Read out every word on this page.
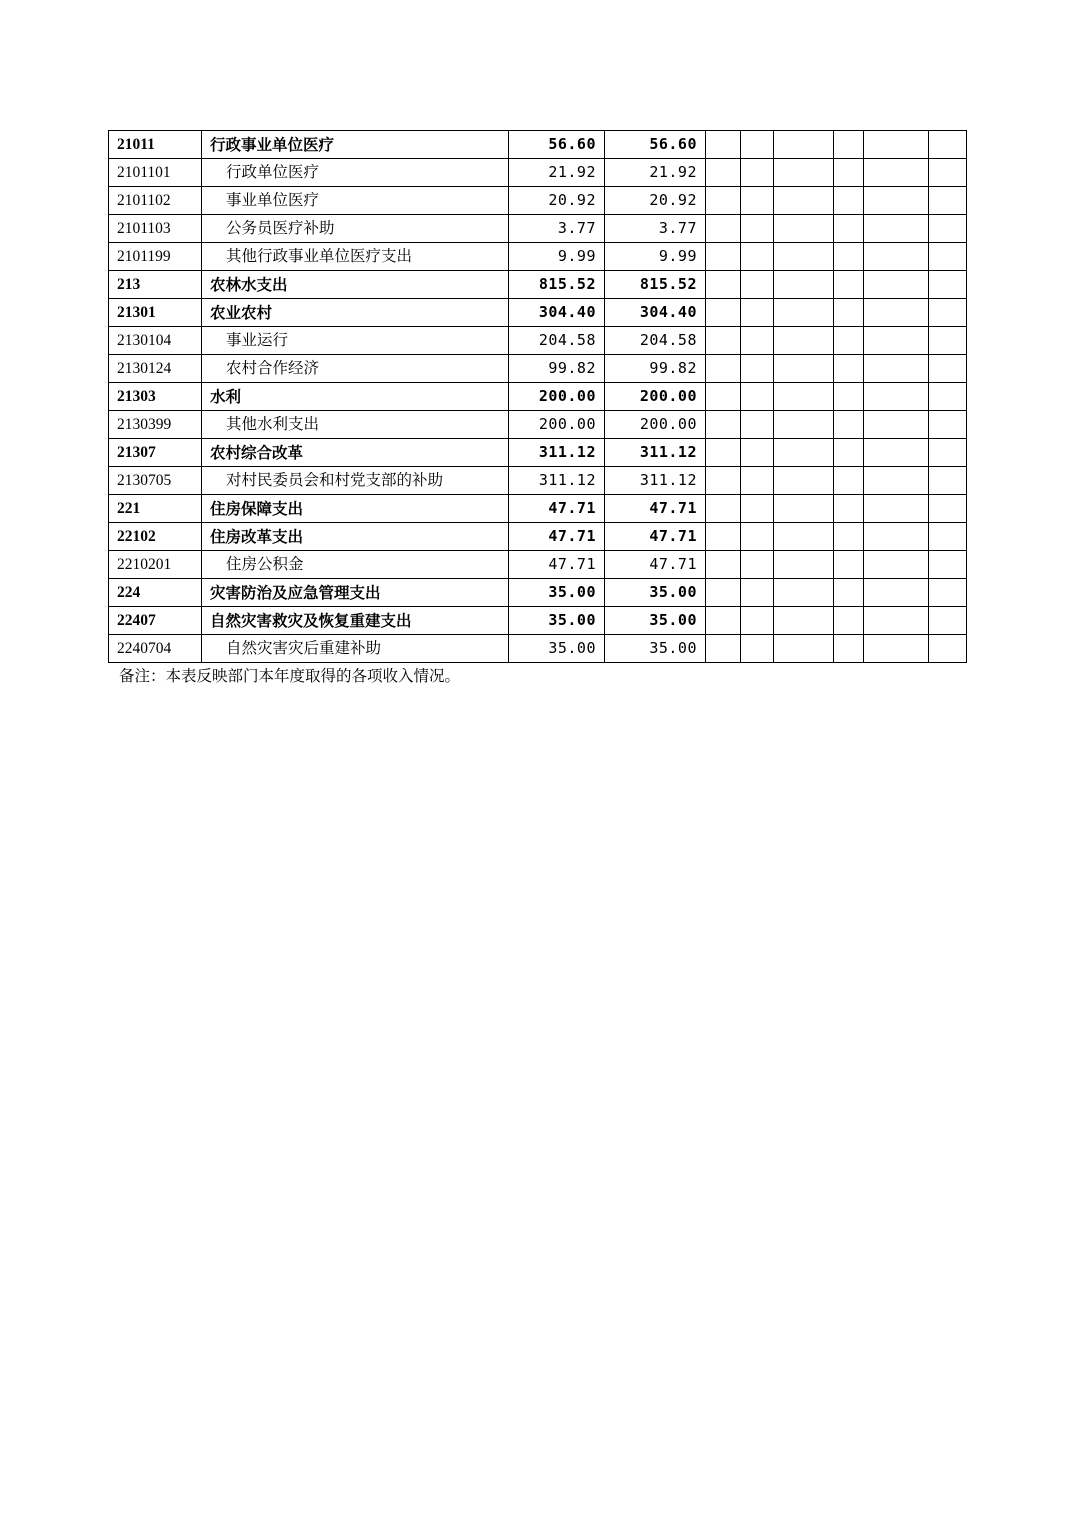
21011	行政事业单位医疗	56.60	56.60						
2101101	行政单位医疗	21.92	21.92						
2101102	事业单位医疗	20.92	20.92						
2101103	公务员医疗补助	3.77	3.77						
2101199	其他行政事业单位医疗支出	9.99	9.99						
213	农林水支出	815.52	815.52						
21301	农业农村	304.40	304.40						
2130104	事业运行	204.58	204.58						
2130124	农村合作经济	99.82	99.82						
21303	水利	200.00	200.00						
2130399	其他水利支出	200.00	200.00						
21307	农村综合改革	311.12	311.12						
2130705	对村民委员会和村党支部的补助	311.12	311.12						
221	住房保障支出	47.71	47.71						
22102	住房改革支出	47.71	47.71						
2210201	住房公积金	47.71	47.71						
224	灾害防治及应急管理支出	35.00	35.00						
22407	自然灾害救灾及恢复重建支出	35.00	35.00						
2240704	自然灾害灾后重建补助	35.00	35.00						
备注：本表反映部门本年度取得的各项收入情况。
